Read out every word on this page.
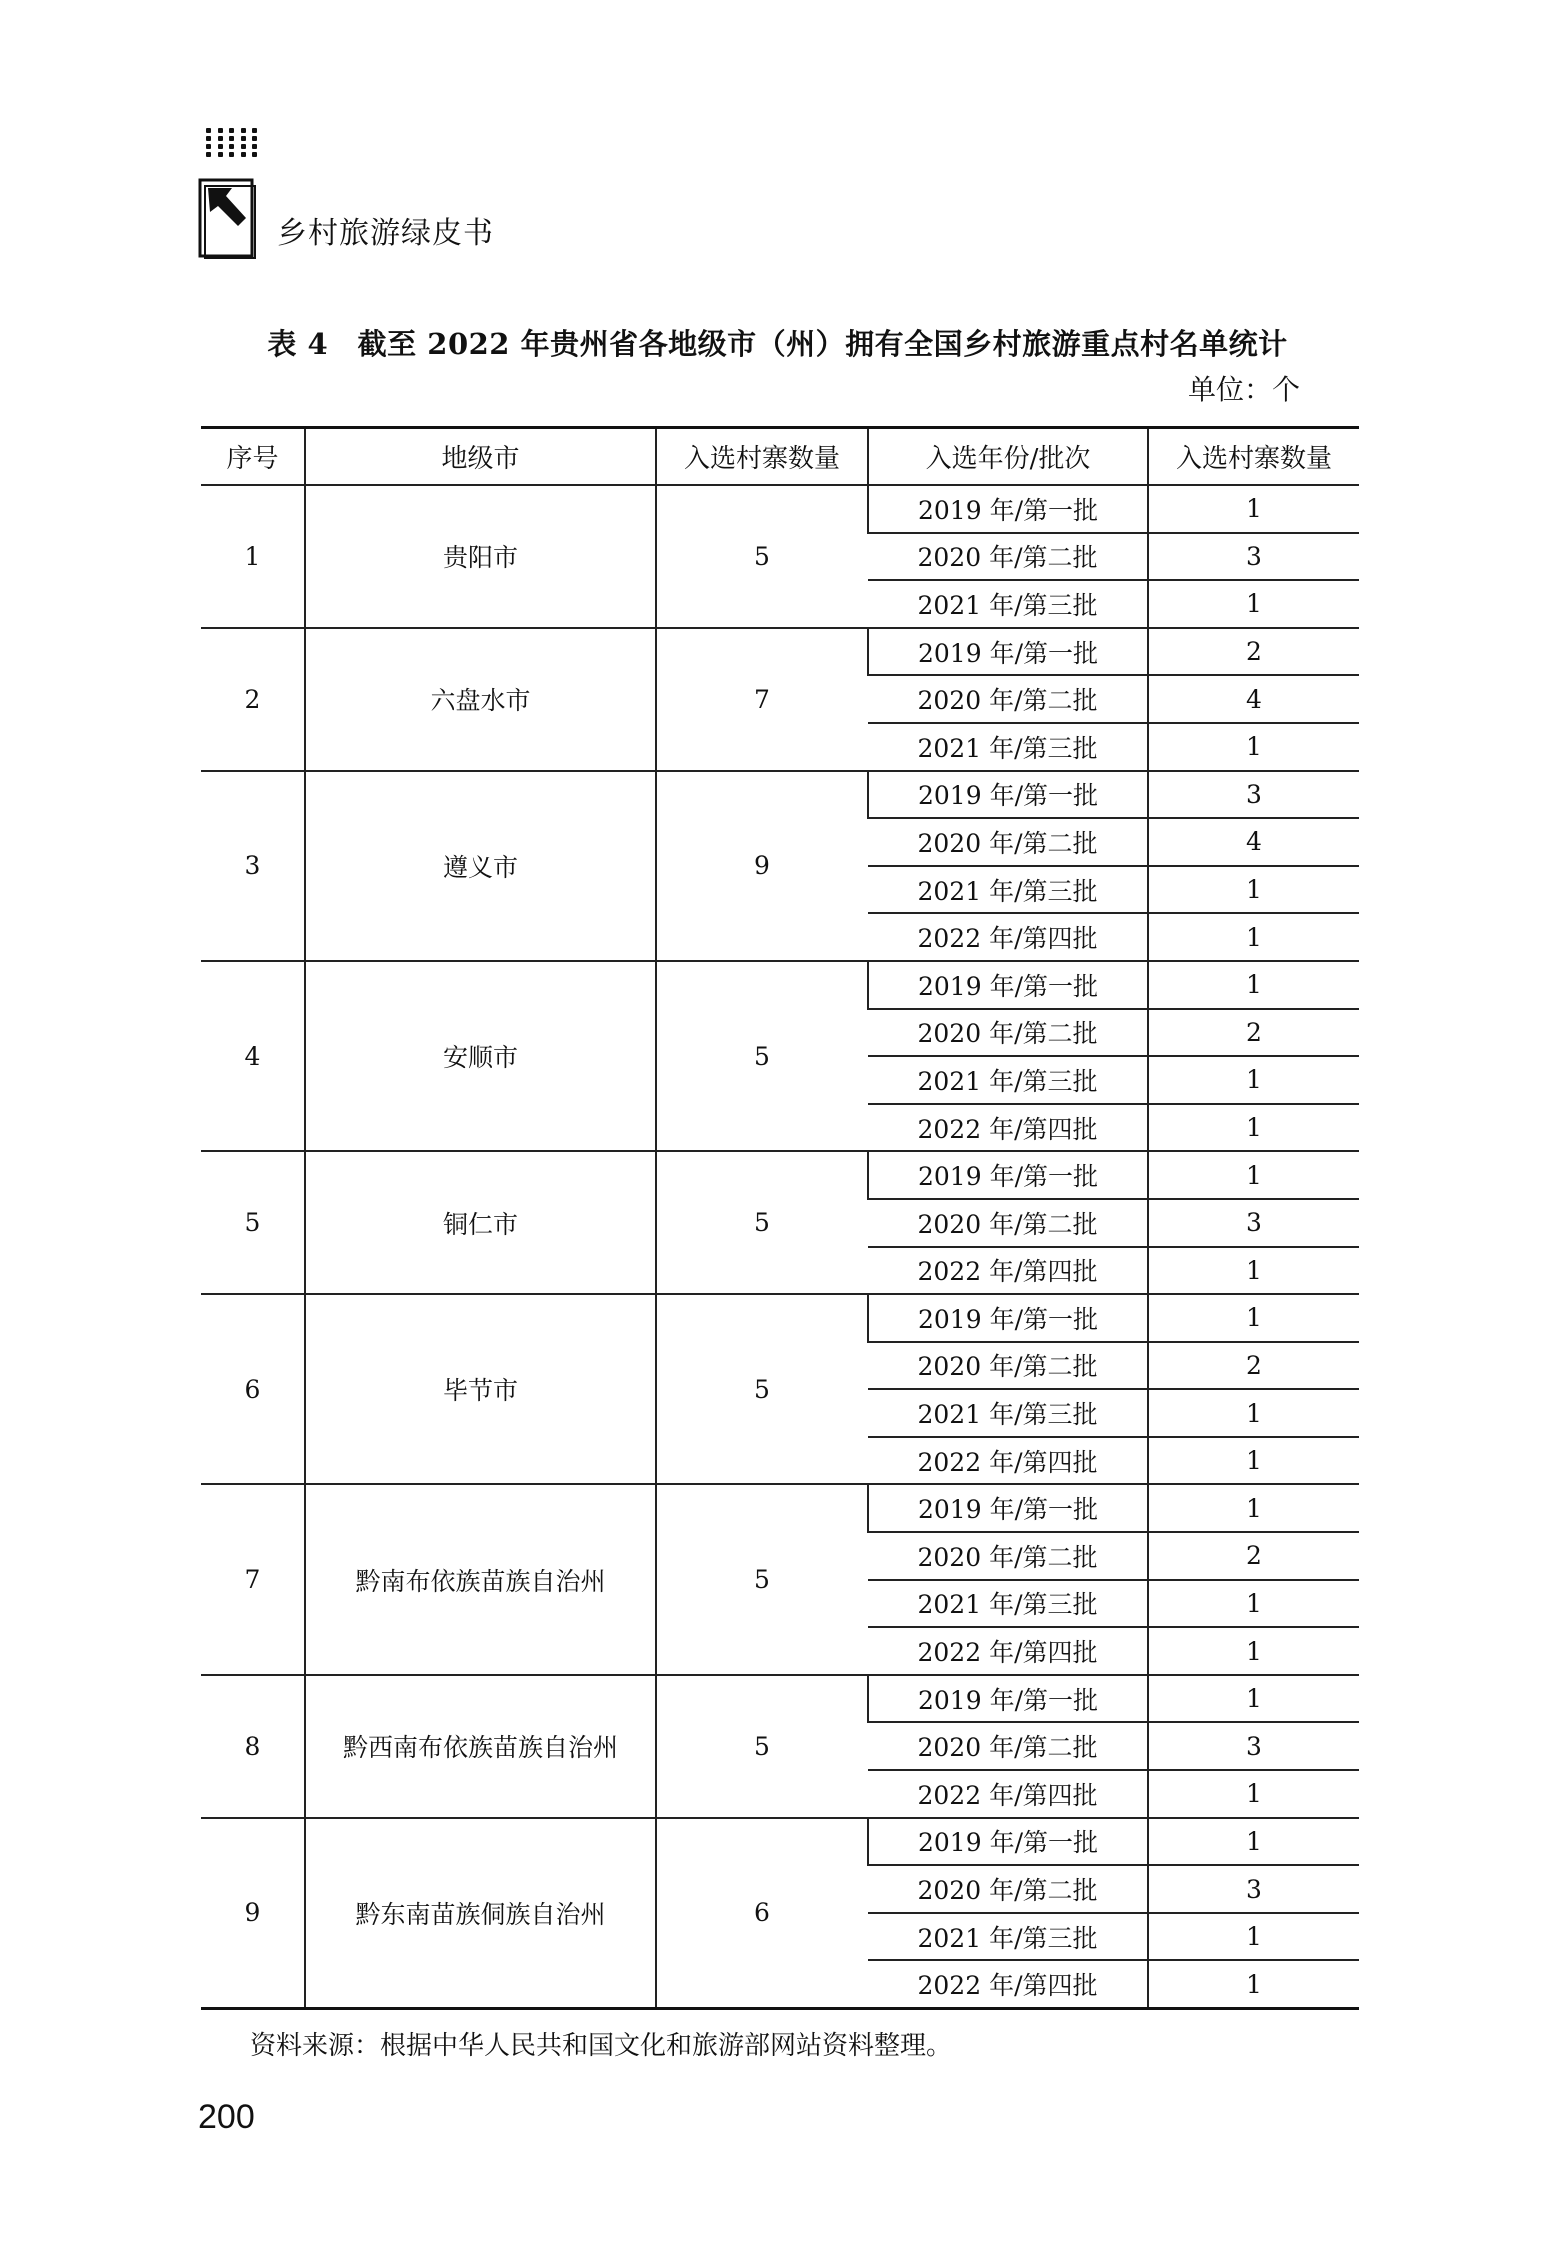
乡村旅游绿皮书
表 4　截至 2022 年贵州省各地级市（州）拥有全国乡村旅游重点村名单统计
单位：个
序号	地级市	入选村寨数量	入选年份/批次	入选村寨数量
1	贵阳市	5	2019 年/第一批	1
			2020 年/第二批	3
			2021 年/第三批	1
2	六盘水市	7	2019 年/第一批	2
			2020 年/第二批	4
			2021 年/第三批	1
3	遵义市	9	2019 年/第一批	3
			2020 年/第二批	4
			2021 年/第三批	1
			2022 年/第四批	1
4	安顺市	5	2019 年/第一批	1
			2020 年/第二批	2
			2021 年/第三批	1
			2022 年/第四批	1
5	铜仁市	5	2019 年/第一批	1
			2020 年/第二批	3
			2022 年/第四批	1
6	毕节市	5	2019 年/第一批	1
			2020 年/第二批	2
			2021 年/第三批	1
			2022 年/第四批	1
7	黔南布依族苗族自治州	5	2019 年/第一批	1
			2020 年/第二批	2
			2021 年/第三批	1
			2022 年/第四批	1
8	黔西南布依族苗族自治州	5	2019 年/第一批	1
			2020 年/第二批	3
			2022 年/第四批	1
9	黔东南苗族侗族自治州	6	2019 年/第一批	1
			2020 年/第二批	3
			2021 年/第三批	1
			2022 年/第四批	1
资料来源：根据中华人民共和国文化和旅游部网站资料整理。
200
